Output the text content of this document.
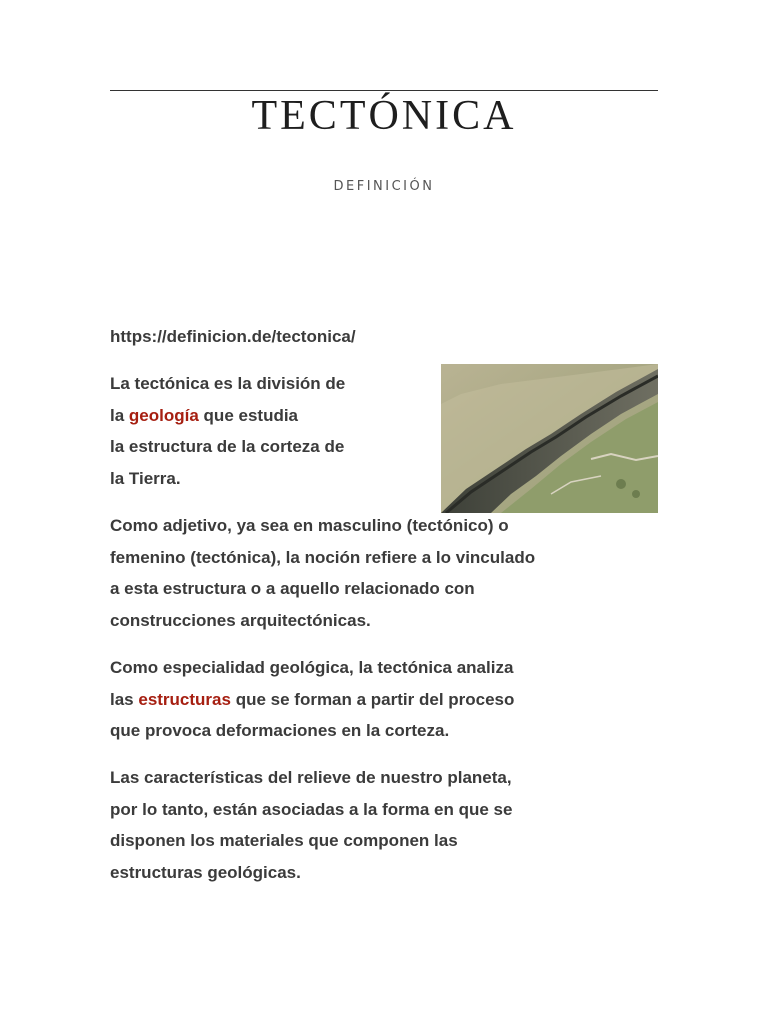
TECTÓNICA
DEFINICIÓN
https://definicion.de/tectonica/
La tectónica es la división de
la geología que estudia
la estructura de la corteza de
la Tierra.
Como adjetivo, ya sea en masculino (tectónico) o
femenino (tectónica), la noción refiere a lo vinculado
a esta estructura o a aquello relacionado con
construcciones arquitectónicas.
Como especialidad geológica, la tectónica analiza
las estructuras que se forman a partir del proceso
que provoca deformaciones en la corteza.
Las características del relieve de nuestro planeta,
por lo tanto, están asociadas a la forma en que se
disponen los materiales que componen las
estructuras geológicas.
